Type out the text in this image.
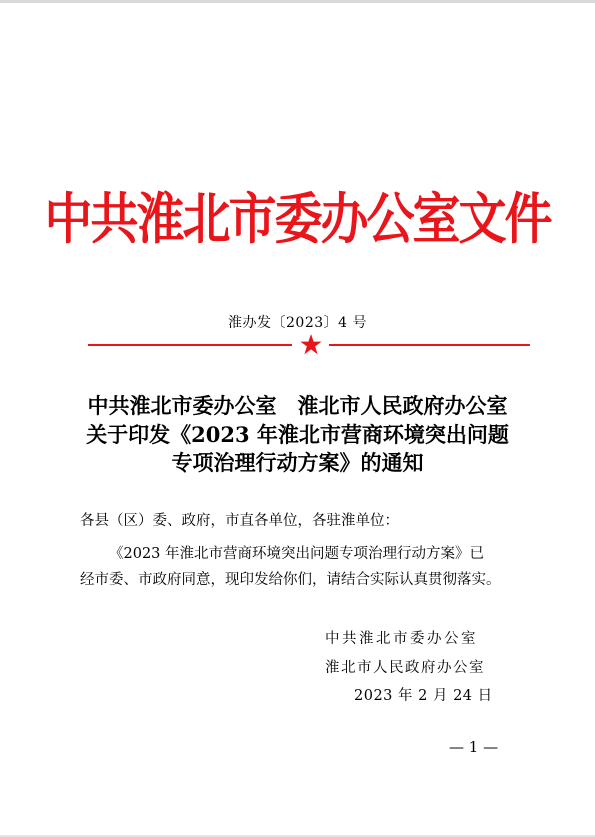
中共淮北市委办公室文件
淮办发〔2023〕4 号
中共淮北市委办公室　淮北市人民政府办公室
关于印发《2023 年淮北市营商环境突出问题
专项治理行动方案》的通知
各县（区）委、政府，市直各单位，各驻淮单位：
《2023 年淮北市营商环境突出问题专项治理行动方案》已
经市委、市政府同意，现印发给你们，请结合实际认真贯彻落实。
中共淮北市委办公室
淮北市人民政府办公室
2023 年 2 月 24 日
— 1 —
